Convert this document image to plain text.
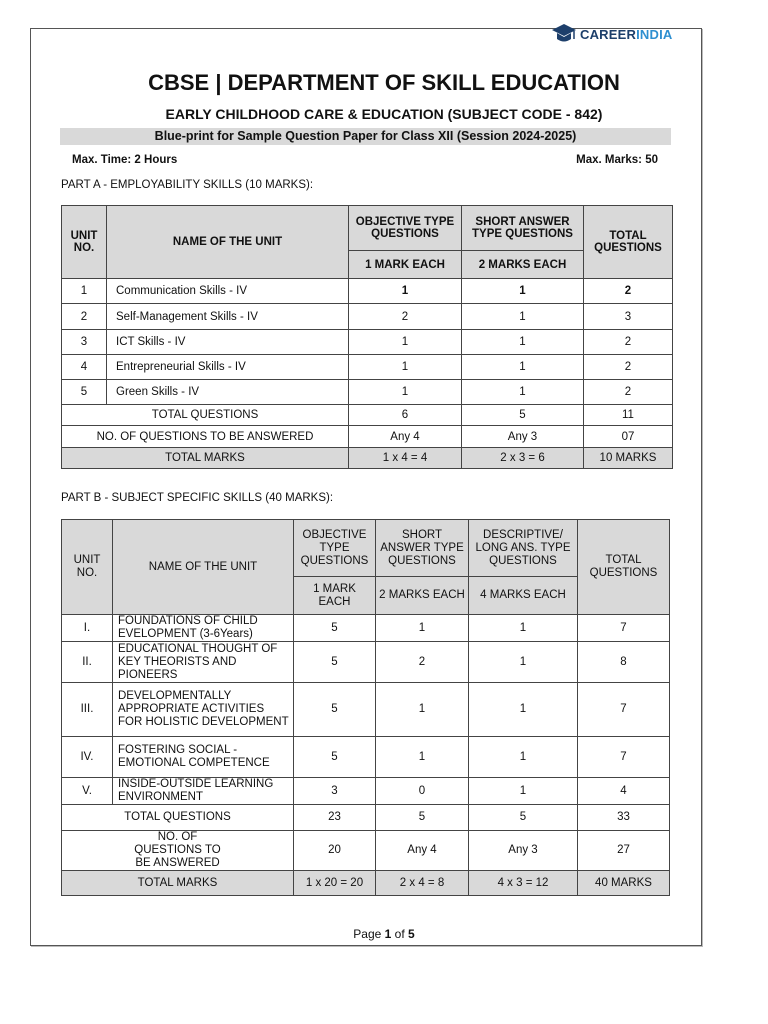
CAREERINDIA
CBSE | DEPARTMENT OF SKILL EDUCATION
EARLY CHILDHOOD CARE & EDUCATION (SUBJECT CODE - 842)
Blue-print for Sample Question Paper for Class XII (Session 2024-2025)
Max. Time: 2 Hours	Max. Marks: 50
PART A - EMPLOYABILITY SKILLS (10 MARKS):
UNIT NO.	NAME OF THE UNIT	OBJECTIVE TYPE QUESTIONS	SHORT ANSWER TYPE QUESTIONS	TOTAL QUESTIONS
		1 MARK EACH	2 MARKS EACH	
1	Communication Skills - IV	1	1	2
2	Self-Management Skills - IV	2	1	3
3	ICT Skills - IV	1	1	2
4	Entrepreneurial Skills - IV	1	1	2
5	Green Skills - IV	1	1	2
TOTAL QUESTIONS		6	5	11
NO. OF QUESTIONS TO BE ANSWERED		Any 4	Any 3	07
TOTAL MARKS		1 x 4 = 4	2 x 3 = 6	10 MARKS
PART B - SUBJECT SPECIFIC SKILLS (40 MARKS):
UNIT NO.	NAME OF THE UNIT	OBJECTIVE TYPE QUESTIONS	SHORT ANSWER TYPE QUESTIONS	DESCRIPTIVE/ LONG ANS. TYPE QUESTIONS	TOTAL QUESTIONS
		1 MARK EACH	2 MARKS EACH	4 MARKS EACH	
I.	FOUNDATIONS OF CHILD EVELOPMENT (3-6Years)	5	1	1	7
II.	EDUCATIONAL THOUGHT OF KEY THEORISTS AND PIONEERS	5	2	1	8
III.	DEVELOPMENTALLY APPROPRIATE ACTIVITIES FOR HOLISTIC DEVELOPMENT	5	1	1	7
IV.	FOSTERING SOCIAL - EMOTIONAL COMPETENCE	5	1	1	7
V.	INSIDE-OUTSIDE LEARNING ENVIRONMENT	3	0	1	4
TOTAL QUESTIONS		23	5	5	33
NO. OF QUESTIONS TO BE ANSWERED		20	Any 4	Any 3	27
TOTAL MARKS		1 x 20 = 20	2 x 4 = 8	4 x 3 = 12	40 MARKS
Page 1 of 5
